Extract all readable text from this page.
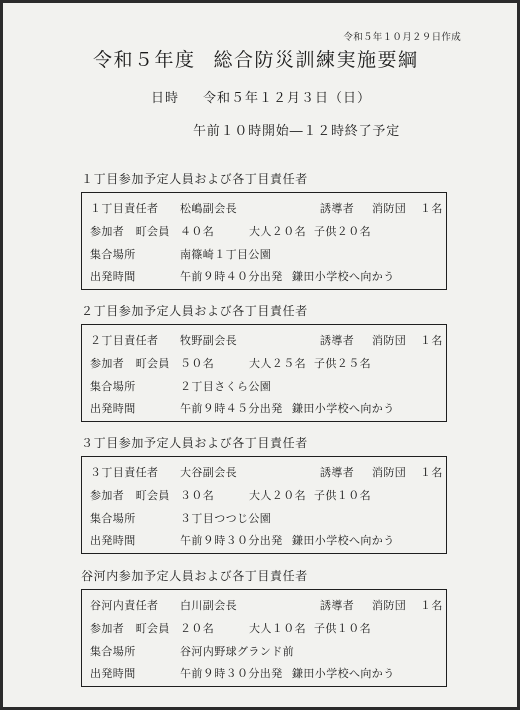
令和５年１０月２９日作成
令和５年度 総合防災訓練実施要綱
日時 令和５年１２月３日（日）
午前１０時開始―１２時終了予定
１丁目参加予定人員および各丁目責任者
１丁目責任者 松嶋副会長	誘導者 消防団 １名
参加者　町会員 ４０名	大人２０名 子供２０名
集合場所	南篠崎１丁目公園
出発時間	午前９時４０分出発 鎌田小学校へ向かう
２丁目参加予定人員および各丁目責任者
２丁目責任者 牧野副会長	誘導者 消防団 １名
参加者　町会員 ５０名	大人２５名 子供２５名
集合場所	２丁目さくら公園
出発時間	午前９時４５分出発 鎌田小学校へ向かう
３丁目参加予定人員および各丁目責任者
３丁目責任者 大谷副会長	誘導者 消防団 １名
参加者　町会員 ３０名	大人２０名 子供１０名
集合場所	３丁目つつじ公園
出発時間	午前９時３０分出発 鎌田小学校へ向かう
谷河内参加予定人員および各丁目責任者
谷河内責任者 白川副会長	誘導者 消防団 １名
参加者　町会員 ２０名	大人１０名 子供１０名
集合場所	谷河内野球グランド前
出発時間	午前９時３０分出発 鎌田小学校へ向かう
